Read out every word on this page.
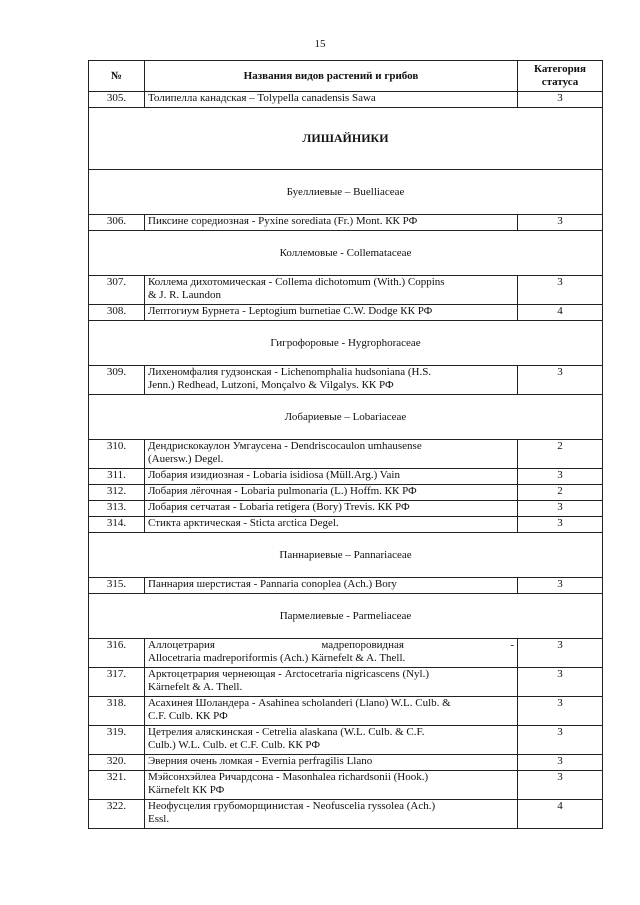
15
№	Названия видов растений и грибов	Категория статуса
305.	Толипелла канадская – Tolypella canadensis Sawa	3
ЛИШАЙНИКИ		
Буеллиевые – Buelliaceae		
306.	Пиксине соредиозная - Pyxine sorediata (Fr.) Mont. КК РФ	3
Коллемовые - Collemataceae		
307.	Коллема дихотомическая - Collema dichotomum (With.) Coppins
& J. R. Laundon	3
308.	Лептогиум Бурнета - Leptogium burnetiae C.W. Dodge КК РФ	4
Гигрофоровые - Hygrophoraceae		
309.	Лихеномфалия гудзонская - Lichenomphalia hudsoniana (H.S.
Jenn.) Redhead, Lutzoni, Monçalvo & Vilgalys. КК РФ	3
Лобариевые – Lobariaceae		
310.	Дендрискокаулон Умгаусена - Dendriscocaulon umhausense
(Auersw.) Degel.	2
311.	Лобария изидиозная - Lobaria isidiosa (Müll.Arg.) Vain	3
312.	Лобария лёгочная - Lobaria pulmonaria (L.) Hoffm. КК РФ	2
313.	Лобария сетчатая - Lobaria retigera (Bory) Trevis. КК РФ	3
314.	Стикта арктическая - Sticta arctica Degel.	3
Паннариевые – Pannariaceae		
315.	Паннария шерстистая - Pannaria conoplea (Ach.) Bory	3
Пармелиевые - Parmeliaceae		
316.	Аллоцетрария мадрепоровидная -
Allocetraria madreporiformis (Ach.) Kärnefelt & A. Thell.	3
317.	Арктоцетрария чернеющая - Arctocetraria nigricascens (Nyl.)
Kärnefelt & A. Thell.	3
318.	Асахинея Шоландера - Asahinea scholanderi (Llano) W.L. Culb. &
C.F. Culb. КК РФ	3
319.	Цетрелия аляскинская - Cetrelia alaskana (W.L. Culb. & C.F.
Culb.) W.L. Culb. et C.F. Culb. КК РФ	3
320.	Эверния очень ломкая - Evernia perfragilis Llano	3
321.	Мэйсонхэйлеа Ричардсона - Masonhalea richardsonii (Hook.)
Kärnefelt КК РФ	3
322.	Неофусцелия грубоморщинистая - Neofuscelia ryssolea (Ach.)
Essl.	4
